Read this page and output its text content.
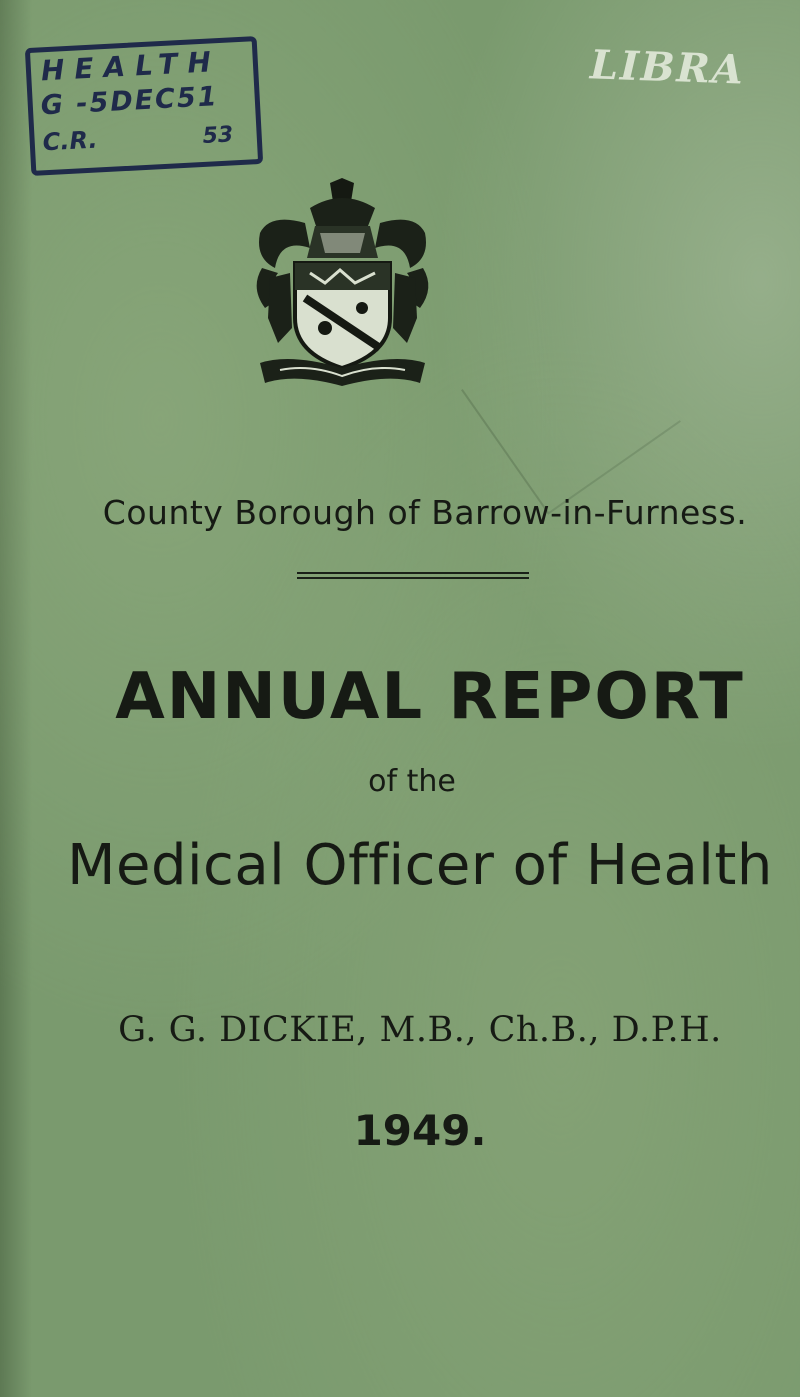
HEALTH
G -5DEC51
C.R.	53
LIBRA
County Borough of Barrow-in-Furness.
ANNUAL REPORT
of the
Medical Officer of Health
G. G. DICKIE, M.B., Ch.B., D.P.H.
1949.
